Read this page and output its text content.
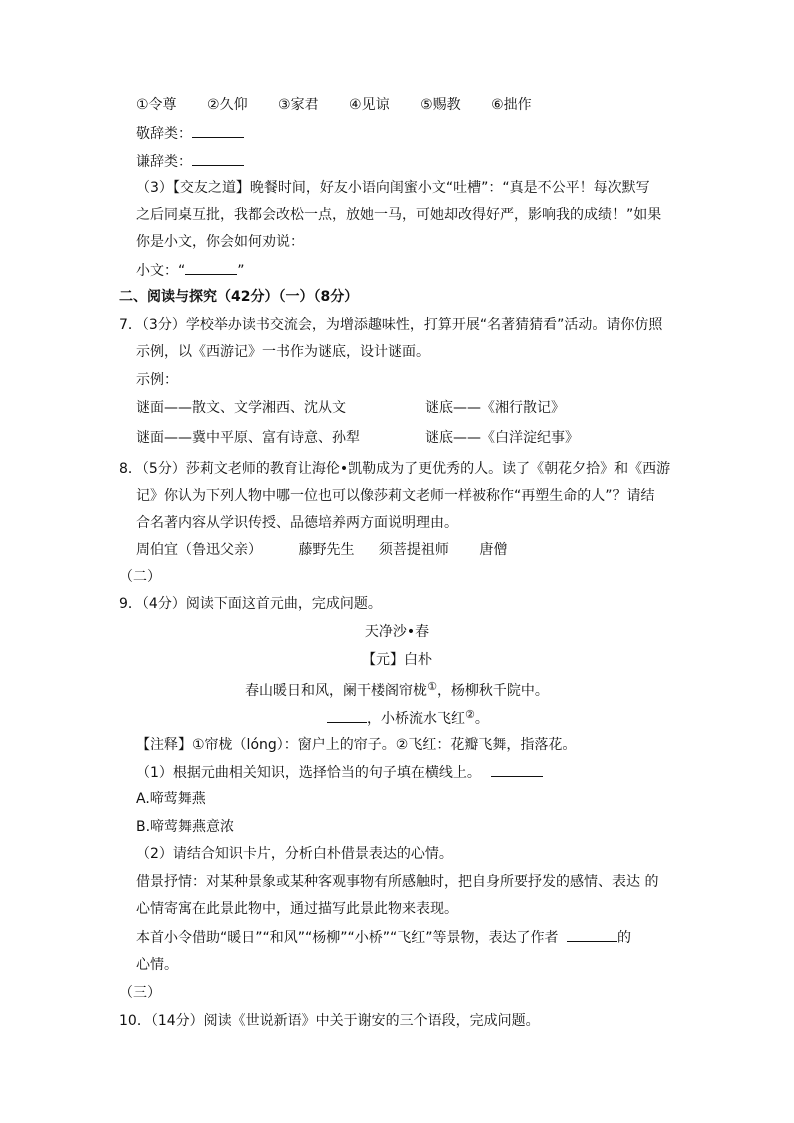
①令尊 ②久仰 ③家君 ④见谅 ⑤赐教 ⑥拙作
敬辞类：
谦辞类：
（3）【交友之道】晚餐时间，好友小语向闺蜜小文“吐槽”：“真是不公平！每次默写
之后同桌互批，我都会改松一点，放她一马，可她却改得好严，影响我的成绩！”如果
你是小文，你会如何劝说：
小文：“	”
二、阅读与探究（42分）（一）（8分）
7．（3分）学校举办读书交流会，为增添趣味性，打算开展“名著猜猜看”活动。请你仿照
示例，以《西游记》一书作为谜底，设计谜面。
示例：
谜面——散文、文学湘西、沈从文	谜底——《湘行散记》
谜面——冀中平原、富有诗意、孙犁	谜底——《白洋淀纪事》
8．（5分）莎莉文老师的教育让海伦•凯勒成为了更优秀的人。读了《朝花夕拾》和《西游
记》你认为下列人物中哪一位也可以像莎莉文老师一样被称作“再塑生命的人”？请结
合名著内容从学识传授、品德培养两方面说明理由。
周伯宜（鲁迅父亲）	藤野先生 须菩提祖师 唐僧
（二）
9．（4分）阅读下面这首元曲，完成问题。
天净沙•春
【元】白朴
春山暖日和风，阑干楼阁帘栊①，杨柳秋千院中。
，小桥流水飞红②。
【注释】①帘栊（lóng）：窗户上的帘子。②飞红：花瓣飞舞，指落花。
（1）根据元曲相关知识，选择恰当的句子填在横线上。
A.啼莺舞燕
B.啼莺舞燕意浓
（2）请结合知识卡片，分析白朴借景表达的心情。
借景抒情：对某种景象或某种客观事物有所感触时，把自身所要抒发的感情、表达 的
心情寄寓在此景此物中，通过描写此景此物来表现。
本首小令借助“暖日”“和风”“杨柳”“小桥”“飞红”等景物，表达了作者	的
心情。
（三）
10．（14分）阅读《世说新语》中关于谢安的三个语段，完成问题。
